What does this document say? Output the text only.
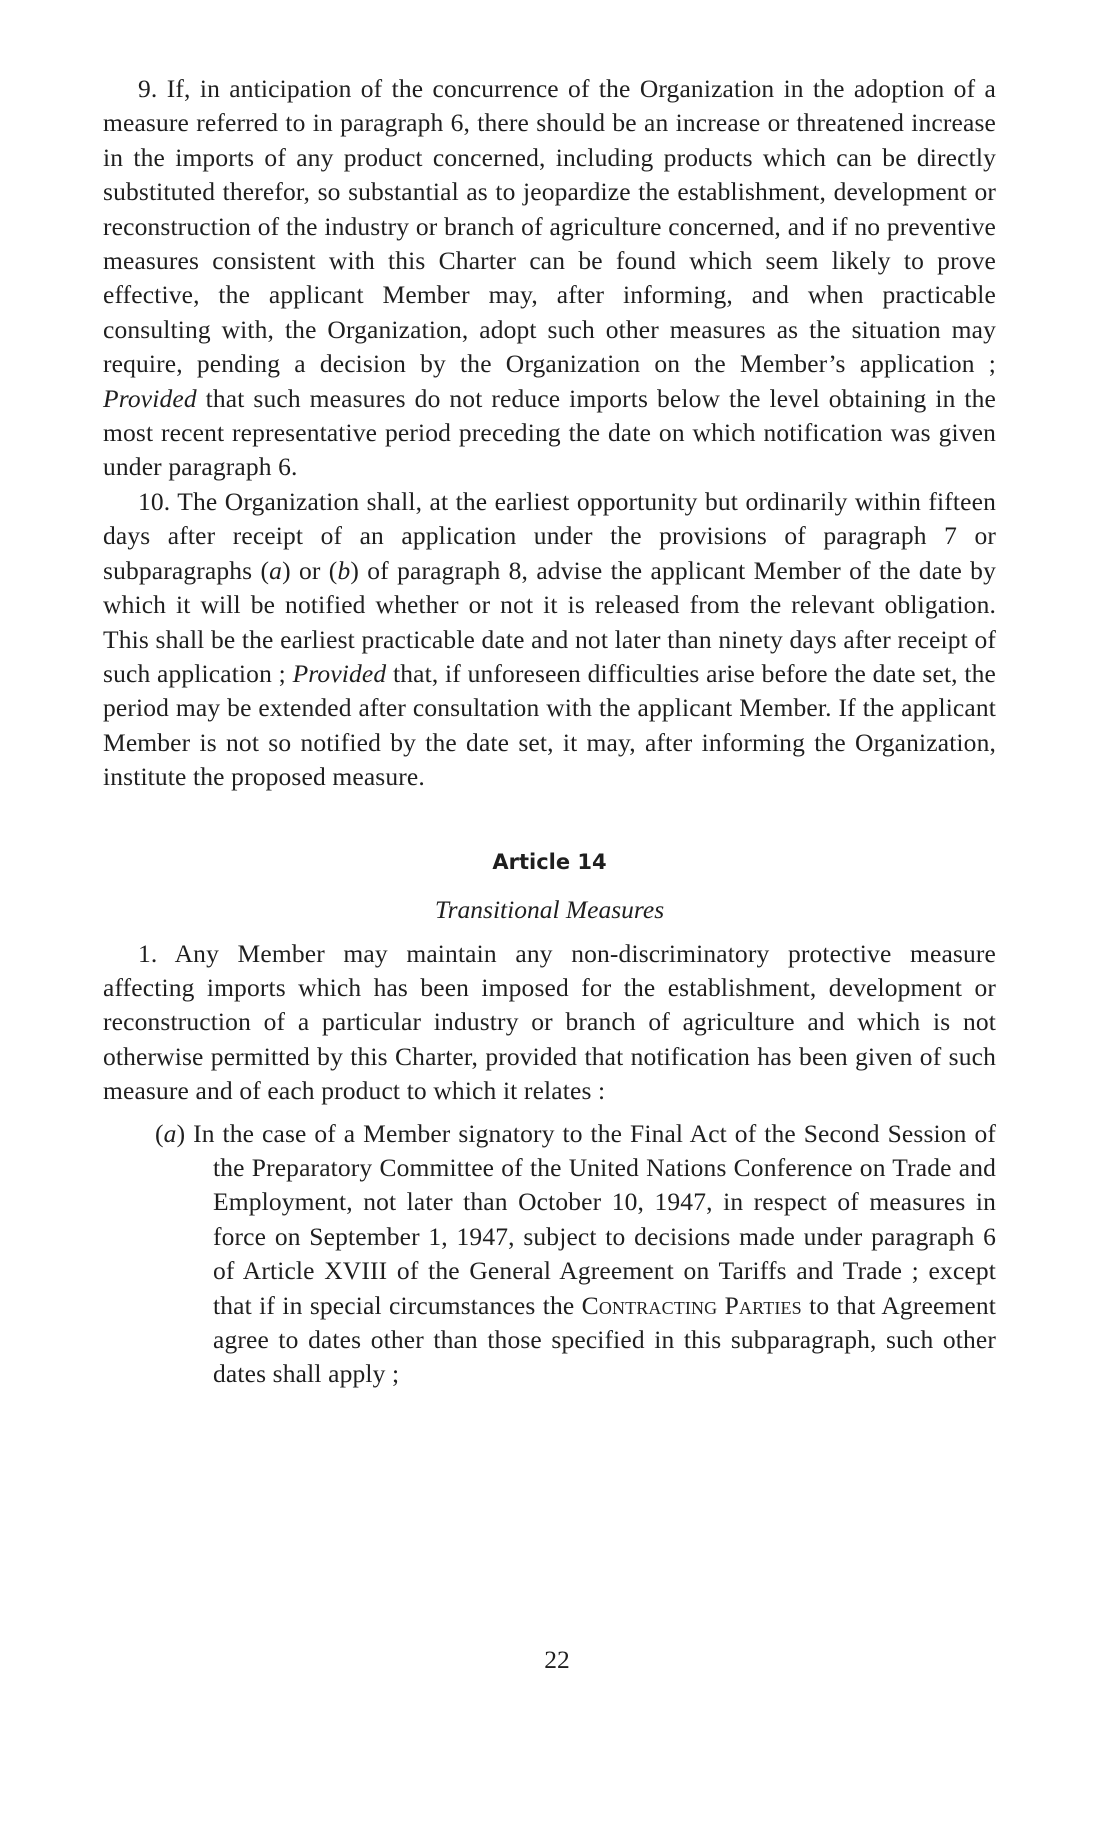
9. If, in anticipation of the concurrence of the Organization in the adoption of a measure referred to in paragraph 6, there should be an increase or threatened increase in the imports of any product concerned, including products which can be directly substituted therefor, so substantial as to jeopardize the establishment, development or reconstruction of the industry or branch of agriculture concerned, and if no preventive measures consistent with this Charter can be found which seem likely to prove effective, the applicant Member may, after informing, and when practicable consulting with, the Organization, adopt such other measures as the situation may require, pending a decision by the Organization on the Member’s application ; Provided that such measures do not reduce imports below the level obtaining in the most recent representative period preceding the date on which notification was given under paragraph 6.

10. The Organization shall, at the earliest opportunity but ordinarily within fifteen days after receipt of an application under the provisions of paragraph 7 or subparagraphs (a) or (b) of paragraph 8, advise the applicant Member of the date by which it will be notified whether or not it is released from the relevant obligation. This shall be the earliest practicable date and not later than ninety days after receipt of such application ; Provided that, if unforeseen difficulties arise before the date set, the period may be extended after consultation with the applicant Member. If the applicant Member is not so notified by the date set, it may, after informing the Organization, institute the proposed measure.

Article 14
Transitional Measures

1. Any Member may maintain any non-discriminatory protective measure affecting imports which has been imposed for the establishment, development or reconstruction of a particular industry or branch of agriculture and which is not otherwise permitted by this Charter, provided that notification has been given of such measure and of each product to which it relates :

(a) In the case of a Member signatory to the Final Act of the Second Session of the Preparatory Committee of the United Nations Conference on Trade and Employment, not later than October 10, 1947, in respect of measures in force on September 1, 1947, subject to decisions made under paragraph 6 of Article XVIII of the General Agreement on Tariffs and Trade ; except that if in special circumstances the Contracting Parties to that Agreement agree to dates other than those specified in this subparagraph, such other dates shall apply ;

22
